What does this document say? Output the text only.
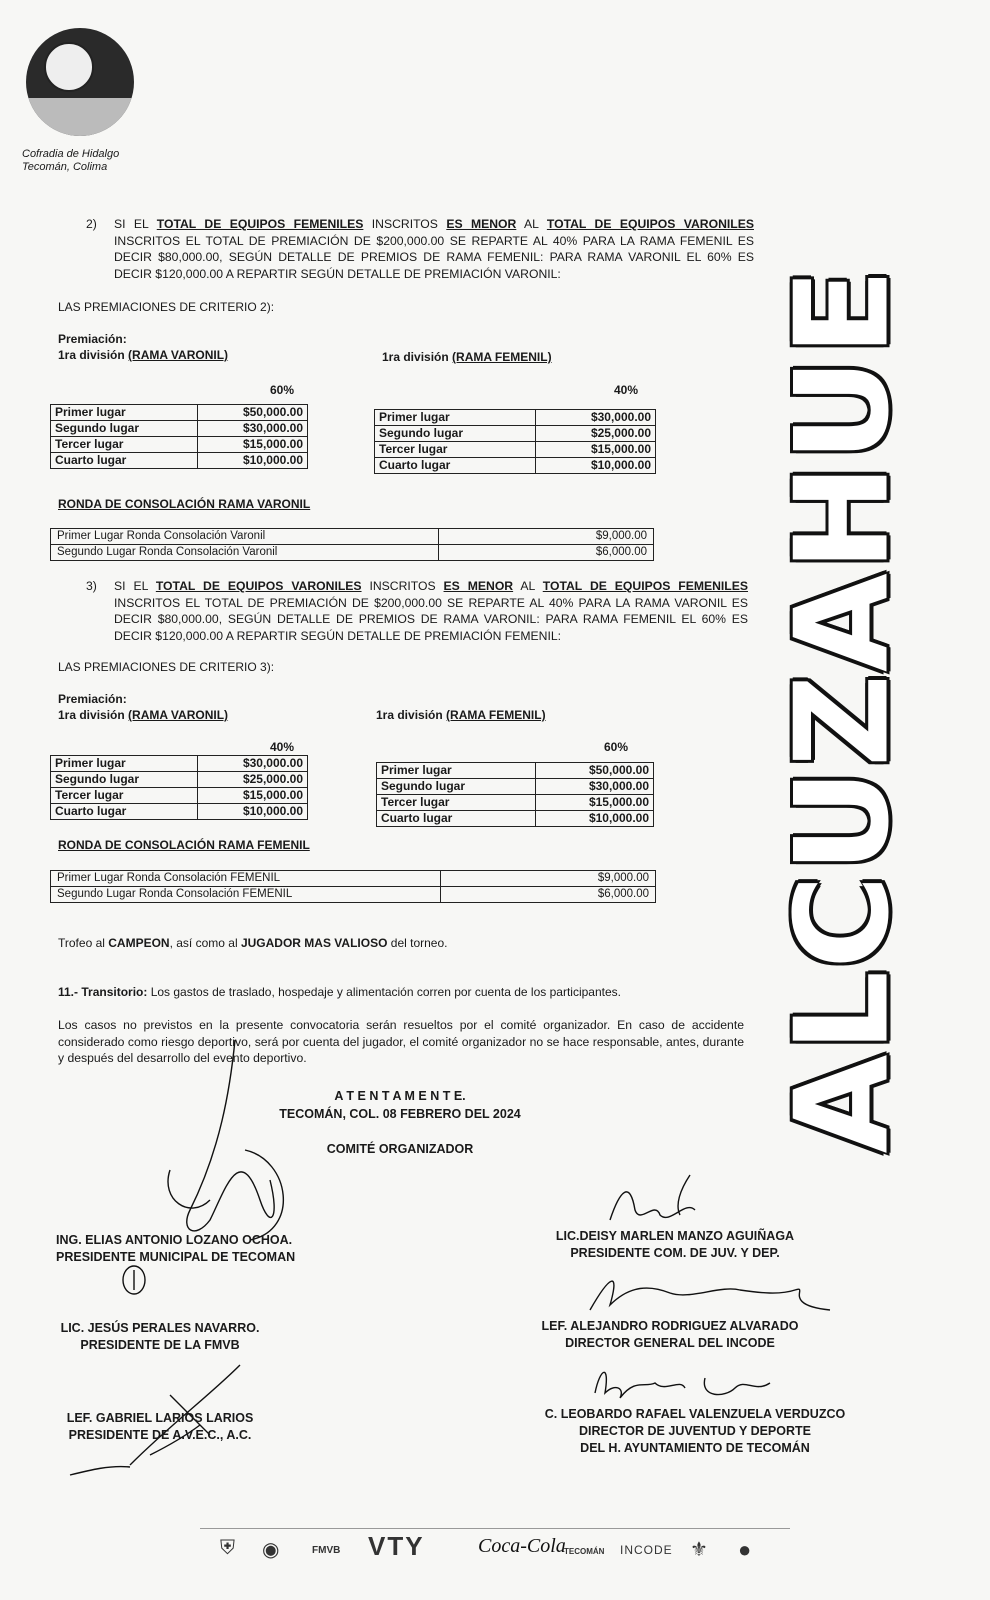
Cofradia de Hidalgo
Tecomán, Colima
ALCUZAHUE
2) SI EL TOTAL DE EQUIPOS FEMENILES INSCRITOS ES MENOR AL TOTAL DE EQUIPOS VARONILES INSCRITOS EL TOTAL DE PREMIACIÓN DE $200,000.00 SE REPARTE AL 40% PARA LA RAMA FEMENIL ES DECIR $80,000.00, SEGÚN DETALLE DE PREMIOS DE RAMA FEMENIL: PARA RAMA VARONIL EL 60% ES DECIR $120,000.00 A REPARTIR SEGÚN DETALLE DE PREMIACIÓN VARONIL:
LAS PREMIACIONES DE CRITERIO 2):
Premiación:
1ra división (RAMA VARONIL)	1ra división (RAMA FEMENIL)
60%	40%
Primer lugar	$50,000.00
Segundo lugar	$30,000.00
Tercer lugar	$15,000.00
Cuarto lugar	$10,000.00
Primer lugar	$30,000.00
Segundo lugar	$25,000.00
Tercer lugar	$15,000.00
Cuarto lugar	$10,000.00
RONDA DE CONSOLACIÓN RAMA VARONIL
Primer Lugar Ronda Consolación Varonil	$9,000.00
Segundo Lugar Ronda Consolación Varonil	$6,000.00
3) SI EL TOTAL DE EQUIPOS VARONILES INSCRITOS ES MENOR AL TOTAL DE EQUIPOS FEMENILES INSCRITOS EL TOTAL DE PREMIACIÓN DE $200,000.00 SE REPARTE AL 40% PARA LA RAMA VARONIL ES DECIR $80,000.00, SEGÚN DETALLE DE PREMIOS DE RAMA VARONIL: PARA RAMA FEMENIL EL 60% ES DECIR $120,000.00 A REPARTIR SEGÚN DETALLE DE PREMIACIÓN FEMENIL:
LAS PREMIACIONES DE CRITERIO 3):
Premiación:
1ra división (RAMA VARONIL)	1ra división (RAMA FEMENIL)
40%	60%
Primer lugar	$30,000.00
Segundo lugar	$25,000.00
Tercer lugar	$15,000.00
Cuarto lugar	$10,000.00
Primer lugar	$50,000.00
Segundo lugar	$30,000.00
Tercer lugar	$15,000.00
Cuarto lugar	$10,000.00
RONDA DE CONSOLACIÓN RAMA FEMENIL
Primer Lugar Ronda Consolación FEMENIL	$9,000.00
Segundo Lugar Ronda Consolación FEMENIL	$6,000.00
Trofeo al CAMPEON, así como al JUGADOR MAS VALIOSO del torneo.
11.- Transitorio: Los gastos de traslado, hospedaje y alimentación corren por cuenta de los participantes.
Los casos no previstos en la presente convocatoria serán resueltos por el comité organizador. En caso de accidente considerado como riesgo deportivo, será por cuenta del jugador, el comité organizador no se hace responsable, antes, durante y después del desarrollo del evento deportivo.
A T E N T A M E N T E.
TECOMÁN, COL. 08 FEBRERO DEL 2024
COMITÉ ORGANIZADOR
ING. ELIAS ANTONIO LOZANO OCHOA.
PRESIDENTE MUNICIPAL DE TECOMAN
LIC.DEISY MARLEN MANZO AGUIÑAGA
PRESIDENTE COM. DE JUV. Y DEP.
LIC. JESÚS PERALES NAVARRO.
PRESIDENTE DE LA FMVB
LEF. ALEJANDRO RODRIGUEZ ALVARADO
DIRECTOR GENERAL DEL INCODE
LEF. GABRIEL LARIOS LARIOS
PRESIDENTE DE A.V.E.C., A.C.
C. LEOBARDO RAFAEL VALENZUELA VERDUZCO
DIRECTOR DE JUVENTUD Y DEPORTE
DEL H. AYUNTAMIENTO DE TECOMÁN
⛨ ◉	FMVB VTY	Coca-Cola
TECOMÁN INCODE ⚜ ●
